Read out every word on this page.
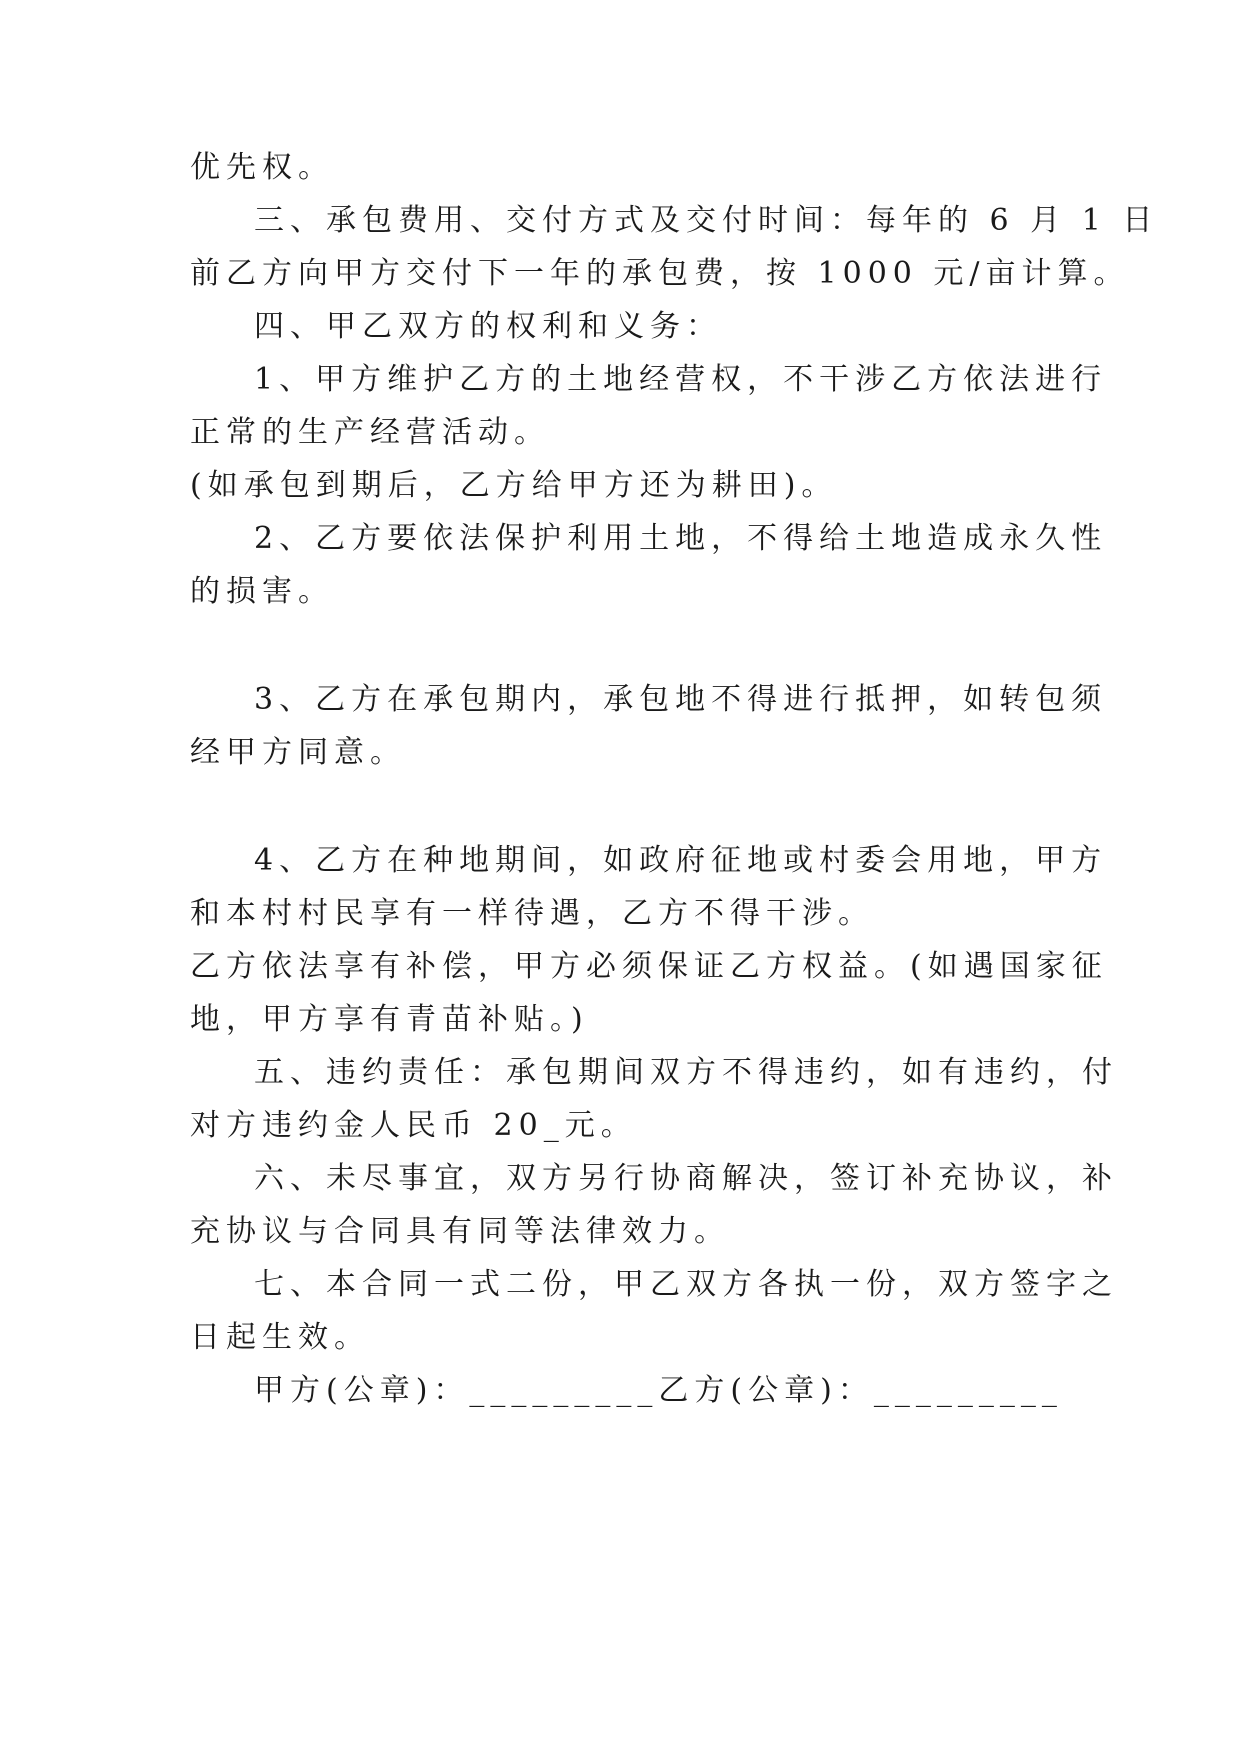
优先权。
三、承包费用、交付方式及交付时间：每年的 6 月 1 日
前乙方向甲方交付下一年的承包费，按 1000 元/亩计算。
四、甲乙双方的权利和义务：
1、甲方维护乙方的土地经营权，不干涉乙方依法进行
正常的生产经营活动。
(如承包到期后，乙方给甲方还为耕田)。
2、乙方要依法保护利用土地，不得给土地造成永久性
的损害。
3、乙方在承包期内，承包地不得进行抵押，如转包须
经甲方同意。
4、乙方在种地期间，如政府征地或村委会用地，甲方
和本村村民享有一样待遇，乙方不得干涉。
乙方依法享有补偿，甲方必须保证乙方权益。(如遇国家征
地，甲方享有青苗补贴。)
五、违约责任：承包期间双方不得违约，如有违约，付
对方违约金人民币 20_元。
六、未尽事宜，双方另行协商解决，签订补充协议，补
充协议与合同具有同等法律效力。
七、本合同一式二份，甲乙双方各执一份，双方签字之
日起生效。
甲方(公章)：_________乙方(公章)：_________
